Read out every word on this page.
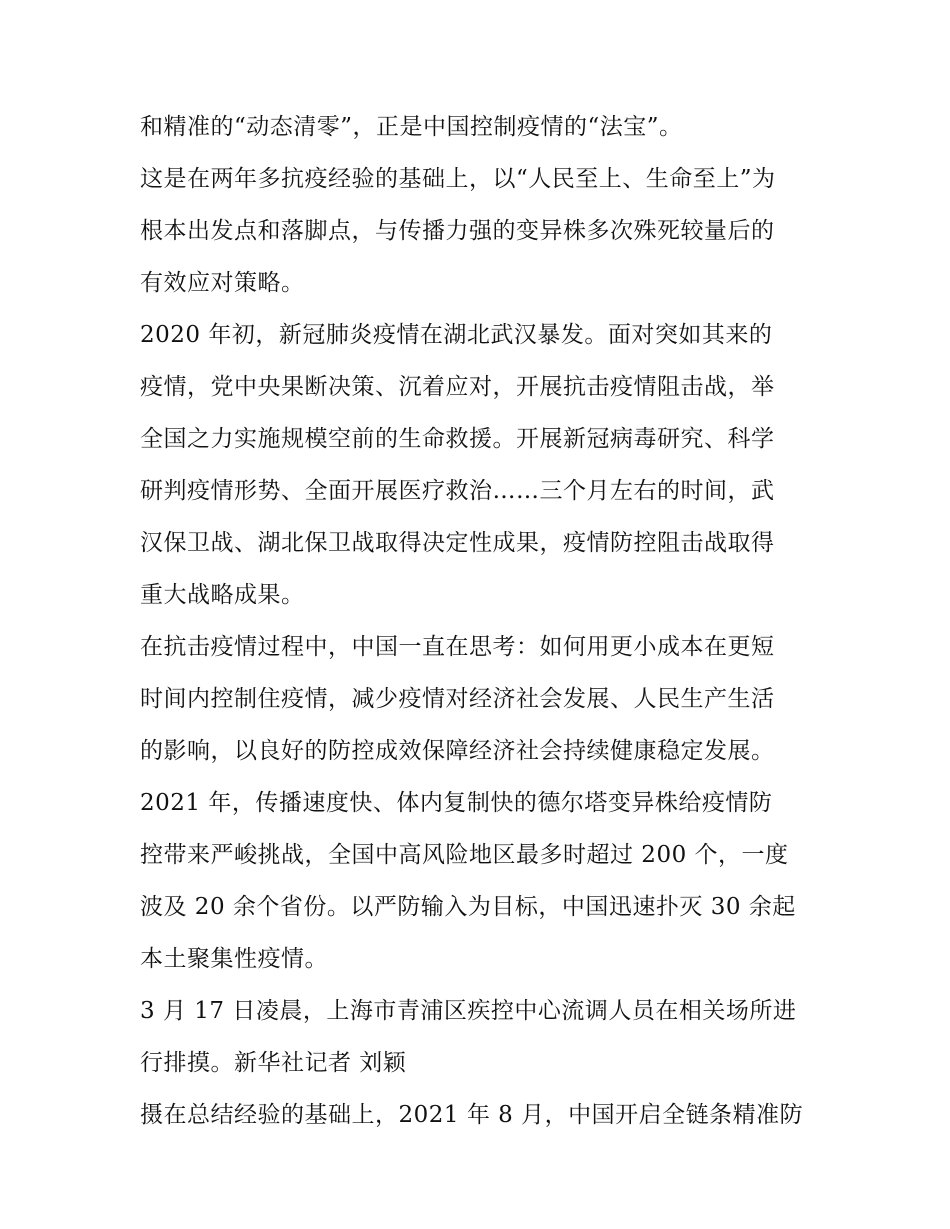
和精准的“动态清零”，正是中国控制疫情的“法宝”。

这是在两年多抗疫经验的基础上，以“人民至上、生命至上”为

根本出发点和落脚点，与传播力强的变异株多次殊死较量后的

有效应对策略。

2020 年初，新冠肺炎疫情在湖北武汉暴发。面对突如其来的

疫情，党中央果断决策、沉着应对，开展抗击疫情阻击战，举

全国之力实施规模空前的生命救援。开展新冠病毒研究、科学

研判疫情形势、全面开展医疗救治……三个月左右的时间，武

汉保卫战、湖北保卫战取得决定性成果，疫情防控阻击战取得

重大战略成果。

在抗击疫情过程中，中国一直在思考：如何用更小成本在更短

时间内控制住疫情，减少疫情对经济社会发展、人民生产生活

的影响，以良好的防控成效保障经济社会持续健康稳定发展。

2021 年，传播速度快、体内复制快的德尔塔变异株给疫情防

控带来严峻挑战，全国中高风险地区最多时超过 200 个，一度

波及 20 余个省份。以严防输入为目标，中国迅速扑灭 30 余起

本土聚集性疫情。

3 月 17 日凌晨，上海市青浦区疾控中心流调人员在相关场所进

行排摸。新华社记者 刘颖

摄在总结经验的基础上，2021 年 8 月，中国开启全链条精准防
